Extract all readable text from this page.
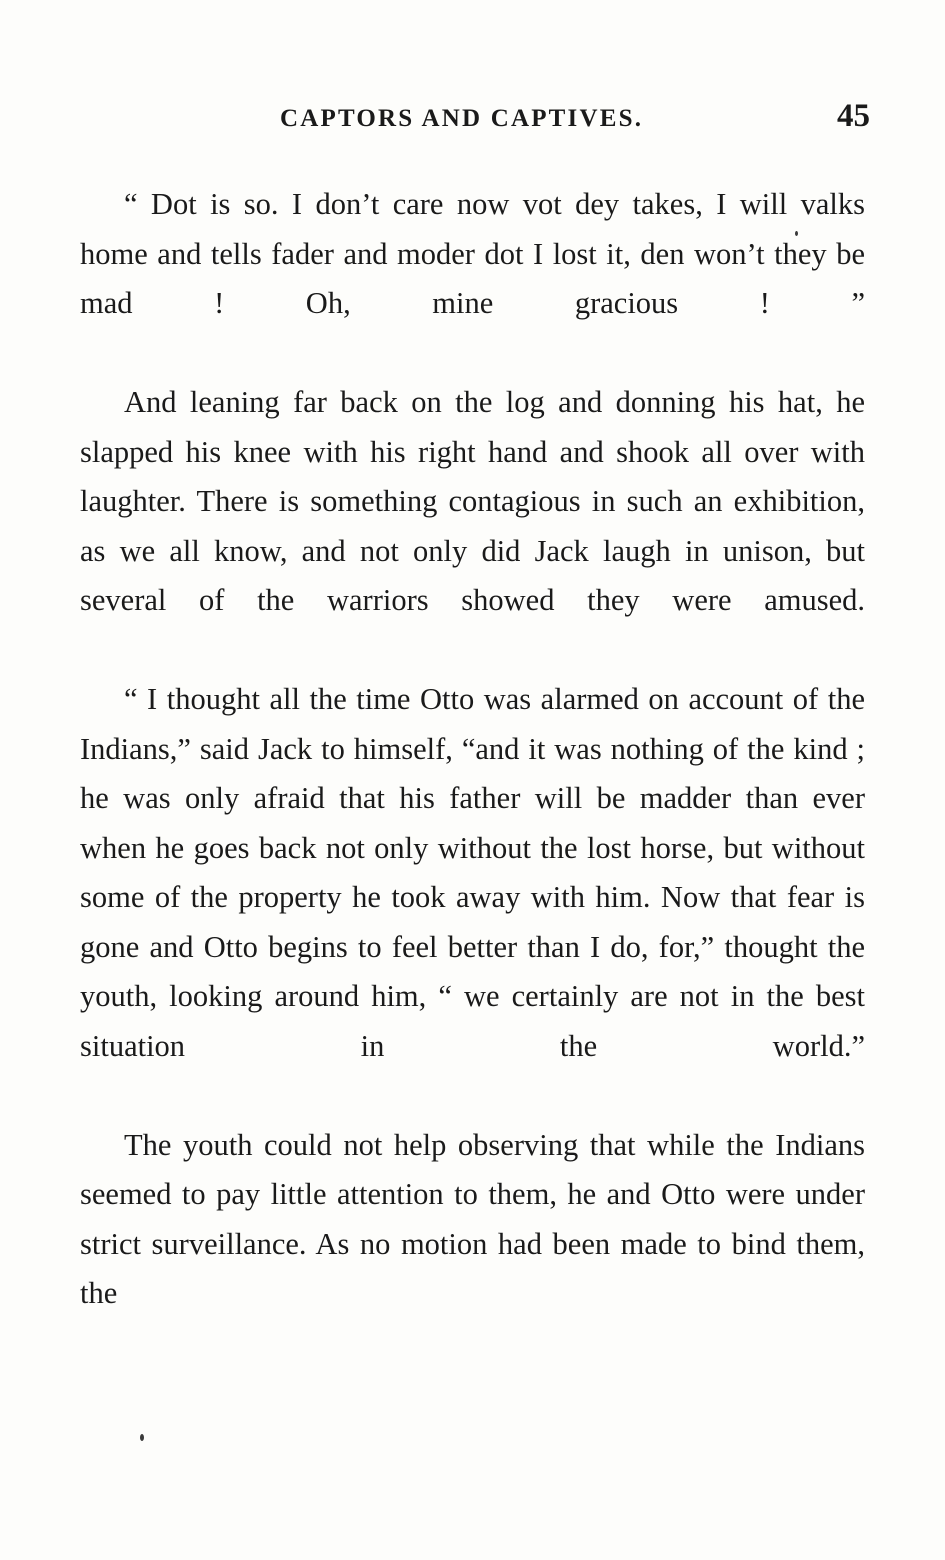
CAPTORS AND CAPTIVES.	45

“ Dot is so. I don’t care now vot dey takes, I will valks home and tells fader and moder dot I lost it, den won’t they be mad ! Oh, mine gracious ! ”

And leaning far back on the log and donning his hat, he slapped his knee with his right hand and shook all over with laughter. There is something contagious in such an exhibition, as we all know, and not only did Jack laugh in unison, but several of the warriors showed they were amused.

“ I thought all the time Otto was alarmed on account of the Indians,” said Jack to himself, “and it was nothing of the kind ; he was only afraid that his father will be madder than ever when he goes back not only without the lost horse, but without some of the property he took away with him. Now that fear is gone and Otto begins to feel better than I do, for,” thought the youth, looking around him, “ we certainly are not in the best situation in the world.”

The youth could not help observing that while the Indians seemed to pay little attention to them, he and Otto were under strict surveillance. As no motion had been made to bind them, the
